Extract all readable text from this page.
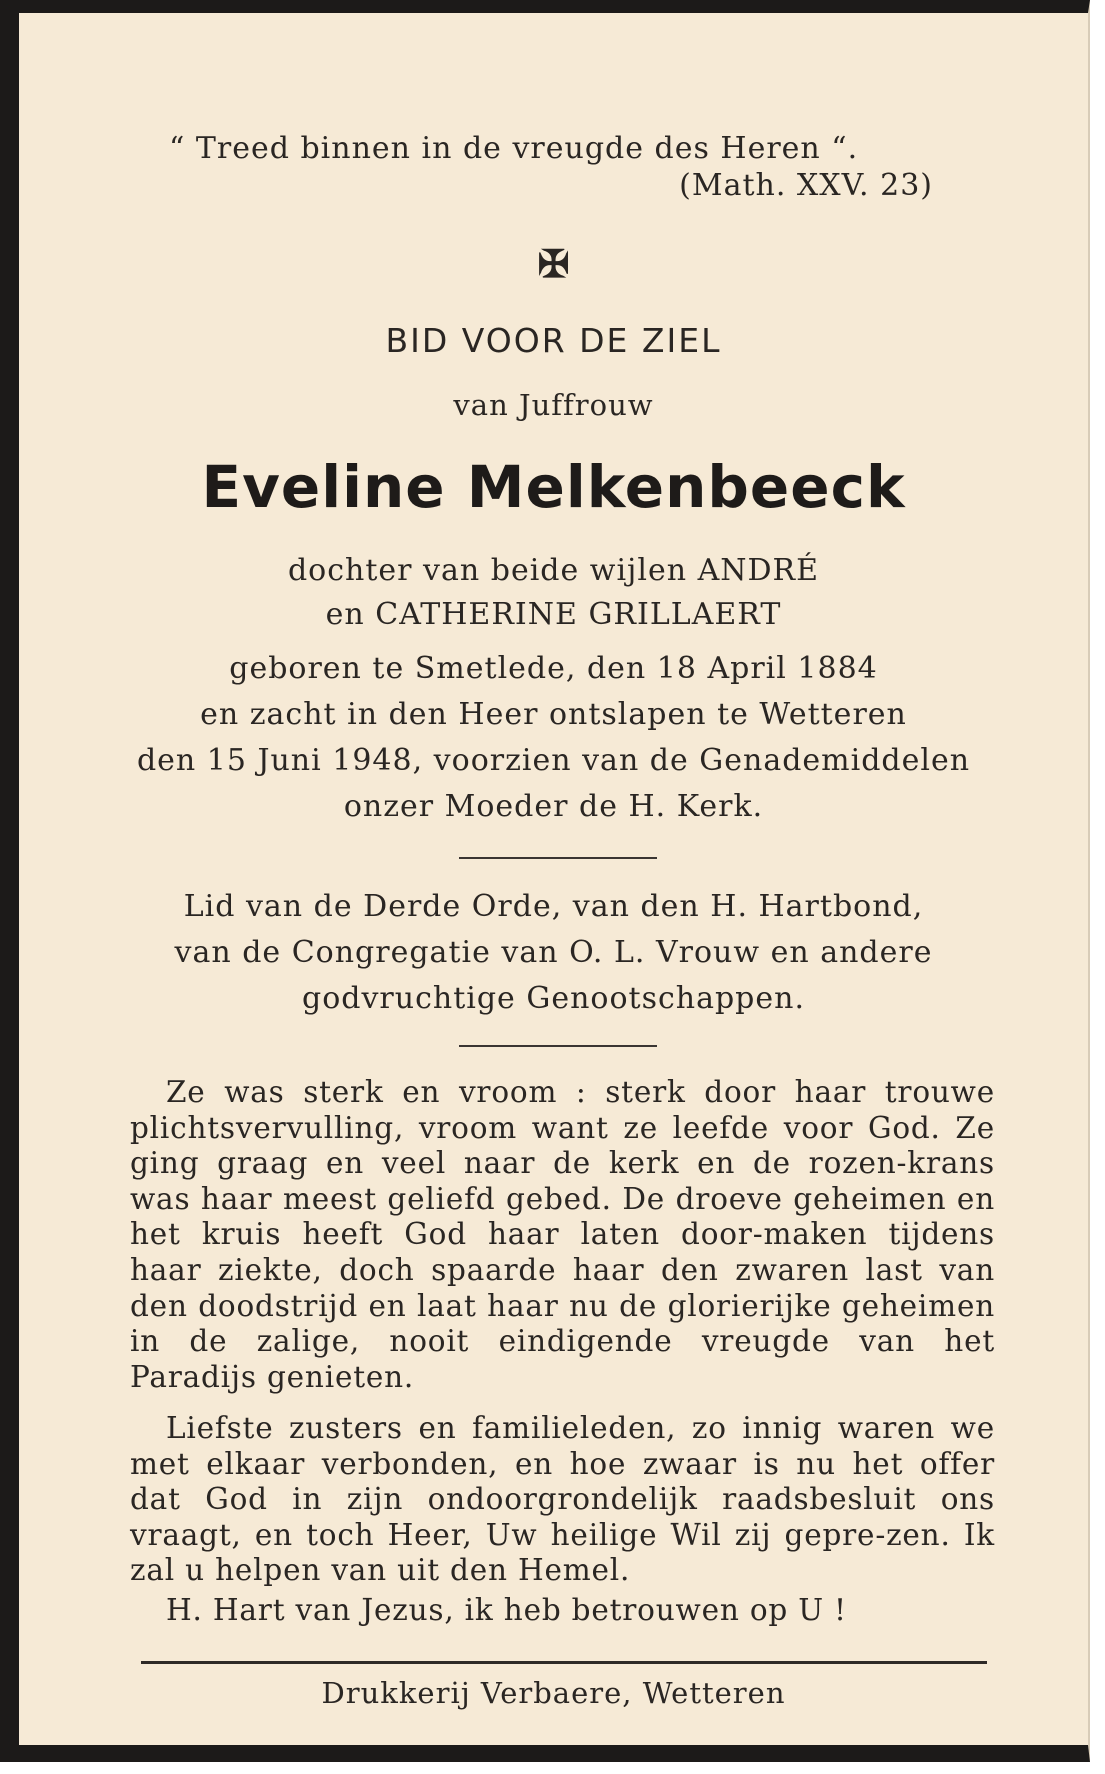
“ Treed binnen in de vreugde des Heren “.
(Math. XXV. 23)
✠
BID VOOR DE ZIEL
van Juffrouw
Eveline Melkenbeeck
dochter van beide wijlen ANDRÉ
en CATHERINE GRILLAERT
geboren te Smetlede, den 18 April 1884
en zacht in den Heer ontslapen te Wetteren
den 15 Juni 1948, voorzien van de Genademiddelen
onzer Moeder de H. Kerk.
Lid van de Derde Orde, van den H. Hartbond,
van de Congregatie van O. L. Vrouw en andere
godvruchtige Genootschappen.

Ze was sterk en vroom : sterk door haar trouwe plichtsvervulling, vroom want ze leefde voor God. Ze ging graag en veel naar de kerk en de rozen-krans was haar meest geliefd gebed. De droeve geheimen en het kruis heeft God haar laten door-maken tijdens haar ziekte, doch spaarde haar den zwaren last van den doodstrijd en laat haar nu de glorierijke geheimen in de zalige, nooit eindigende vreugde van het Paradijs genieten.

Liefste zusters en familieleden, zo innig waren we met elkaar verbonden, en hoe zwaar is nu het offer dat God in zijn ondoorgrondelijk raadsbesluit ons vraagt, en toch Heer, Uw heilige Wil zij gepre-zen. Ik zal u helpen van uit den Hemel.

H. Hart van Jezus, ik heb betrouwen op U !

Drukkerij Verbaere, Wetteren
